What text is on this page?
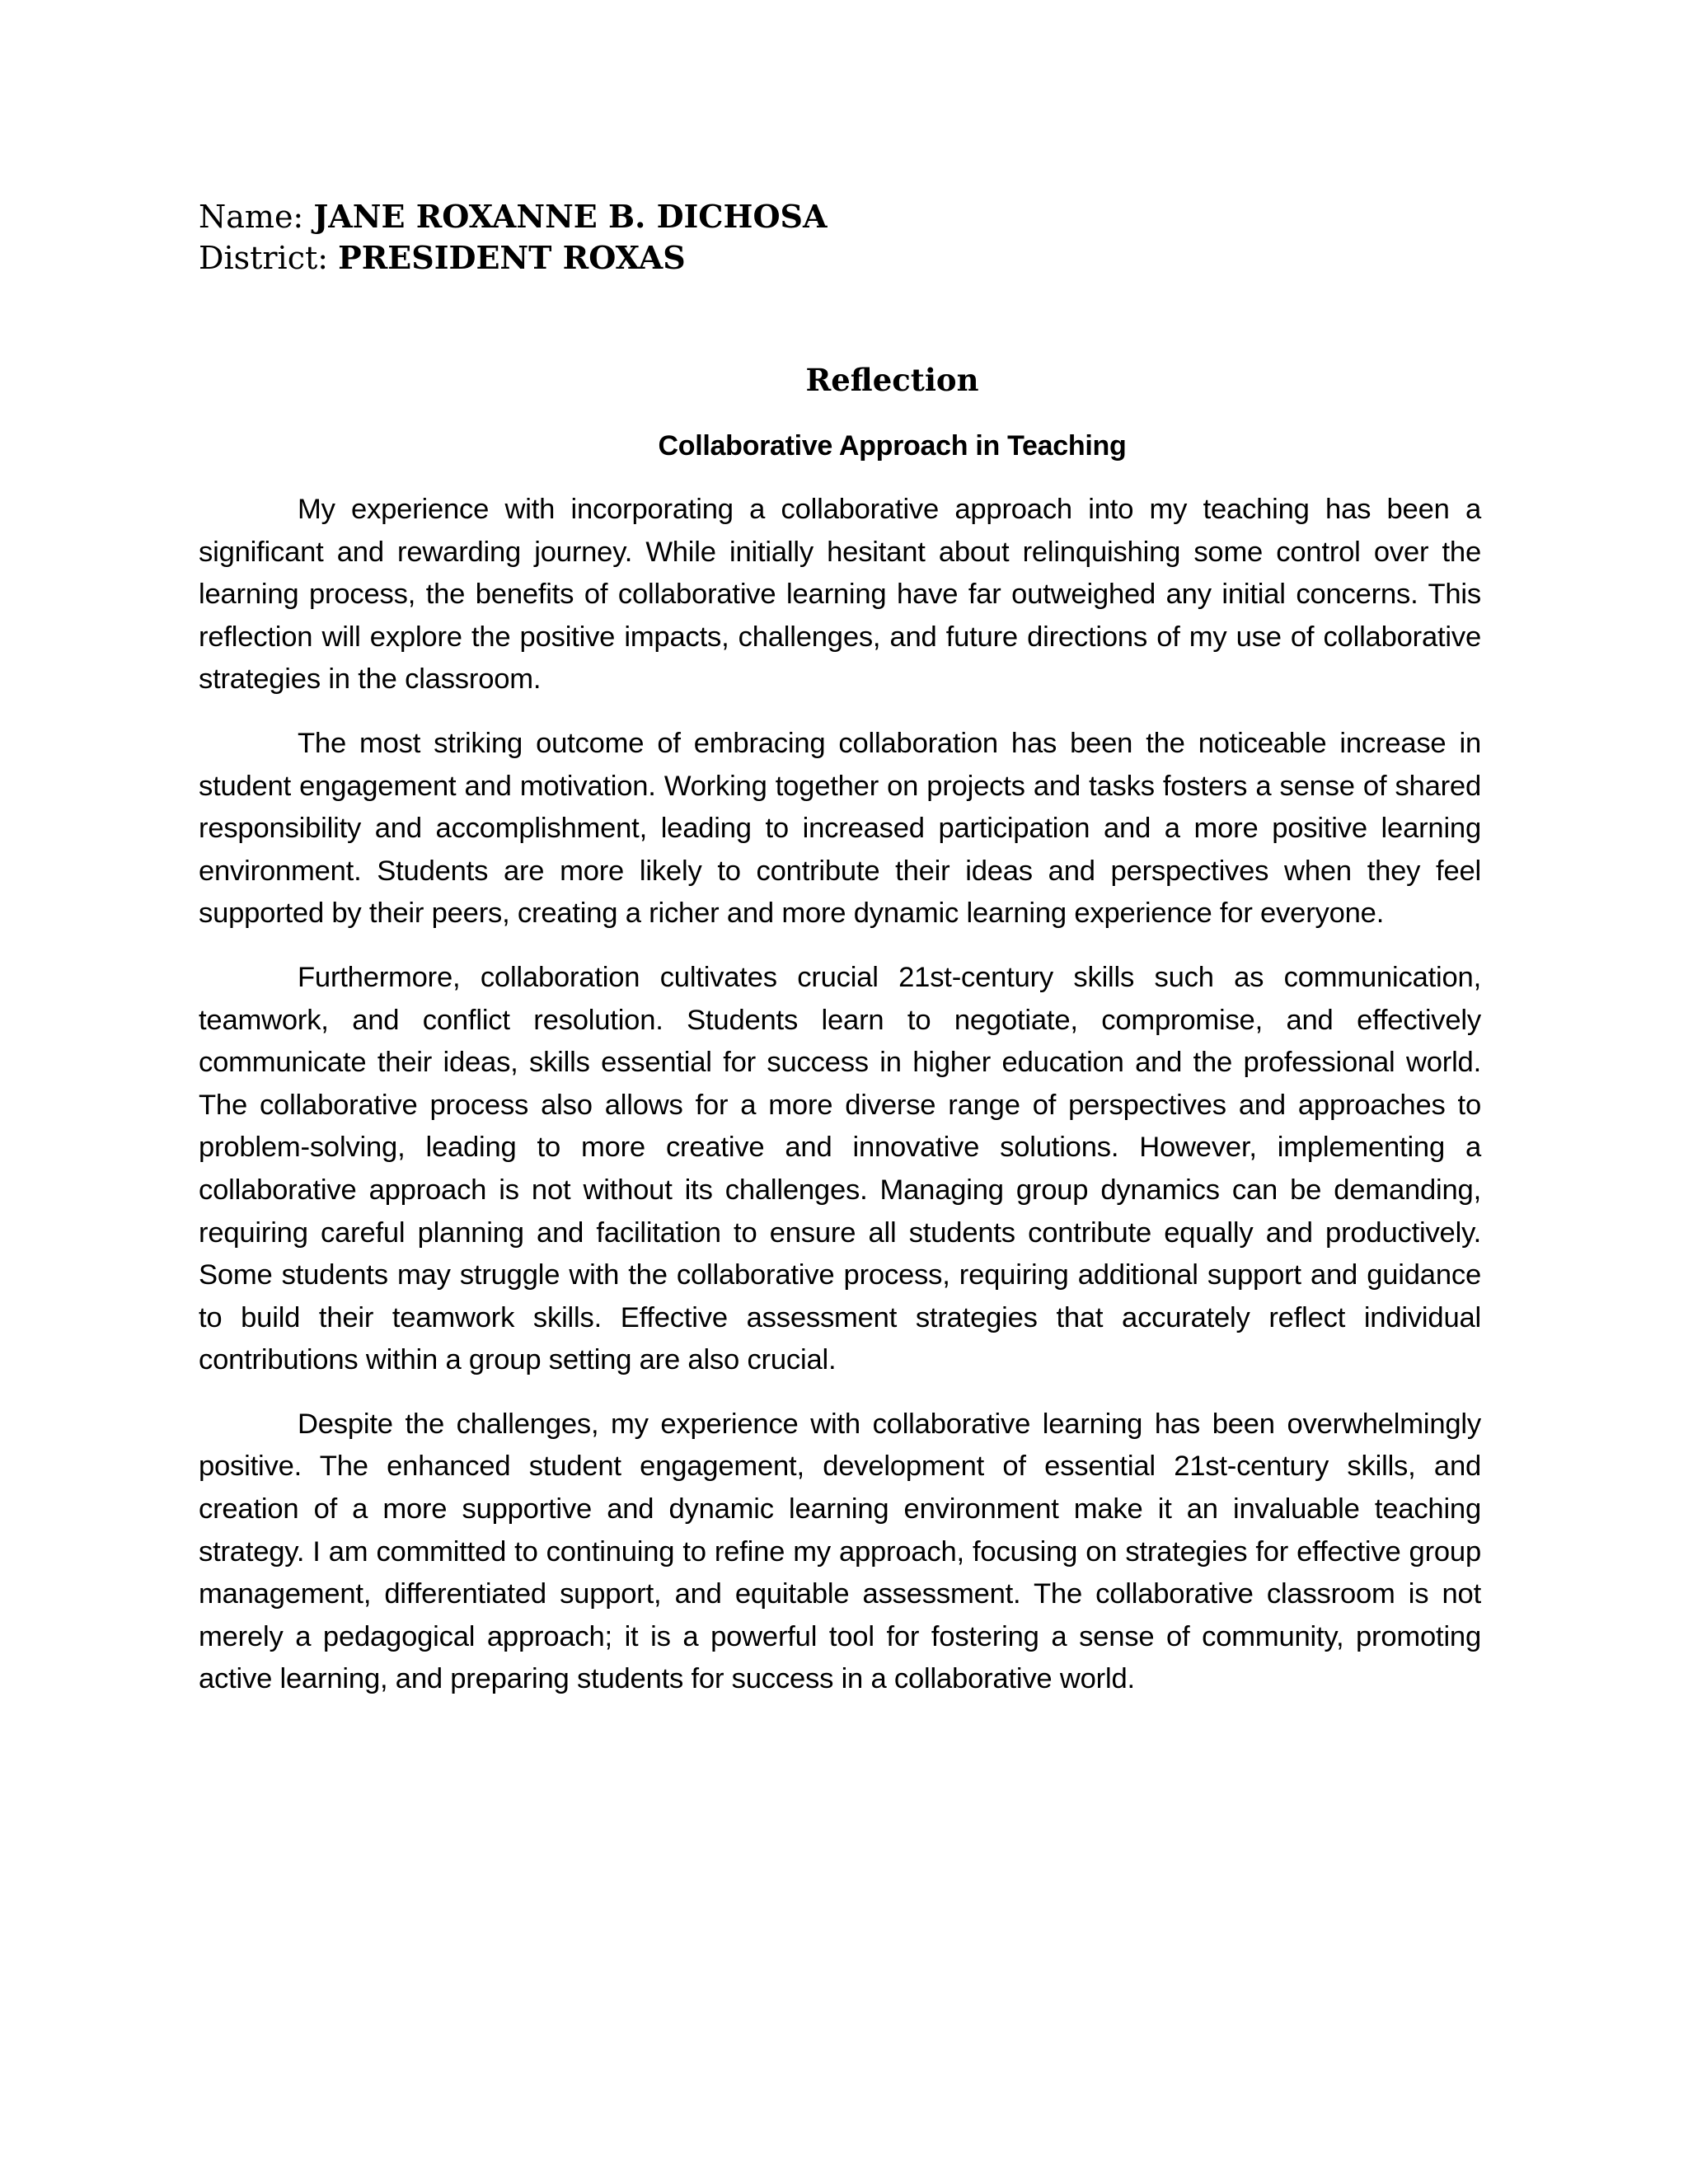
Name: JANE ROXANNE B. DICHOSA
District: PRESIDENT ROXAS
Reflection
Collaborative Approach in Teaching

My experience with incorporating a collaborative approach into my teaching has been a significant and rewarding journey. While initially hesitant about relinquishing some control over the learning process, the benefits of collaborative learning have far outweighed any initial concerns. This reflection will explore the positive impacts, challenges, and future directions of my use of collaborative strategies in the classroom.

The most striking outcome of embracing collaboration has been the noticeable increase in student engagement and motivation. Working together on projects and tasks fosters a sense of shared responsibility and accomplishment, leading to increased participation and a more positive learning environment. Students are more likely to contribute their ideas and perspectives when they feel supported by their peers, creating a richer and more dynamic learning experience for everyone.

Furthermore, collaboration cultivates crucial 21st-century skills such as communication, teamwork, and conflict resolution. Students learn to negotiate, compromise, and effectively communicate their ideas, skills essential for success in higher education and the professional world. The collaborative process also allows for a more diverse range of perspectives and approaches to problem-solving, leading to more creative and innovative solutions. However, implementing a collaborative approach is not without its challenges. Managing group dynamics can be demanding, requiring careful planning and facilitation to ensure all students contribute equally and productively. Some students may struggle with the collaborative process, requiring additional support and guidance to build their teamwork skills. Effective assessment strategies that accurately reflect individual contributions within a group setting are also crucial.

Despite the challenges, my experience with collaborative learning has been overwhelmingly positive. The enhanced student engagement, development of essential 21st-century skills, and creation of a more supportive and dynamic learning environment make it an invaluable teaching strategy. I am committed to continuing to refine my approach, focusing on strategies for effective group management, differentiated support, and equitable assessment. The collaborative classroom is not merely a pedagogical approach; it is a powerful tool for fostering a sense of community, promoting active learning, and preparing students for success in a collaborative world.
